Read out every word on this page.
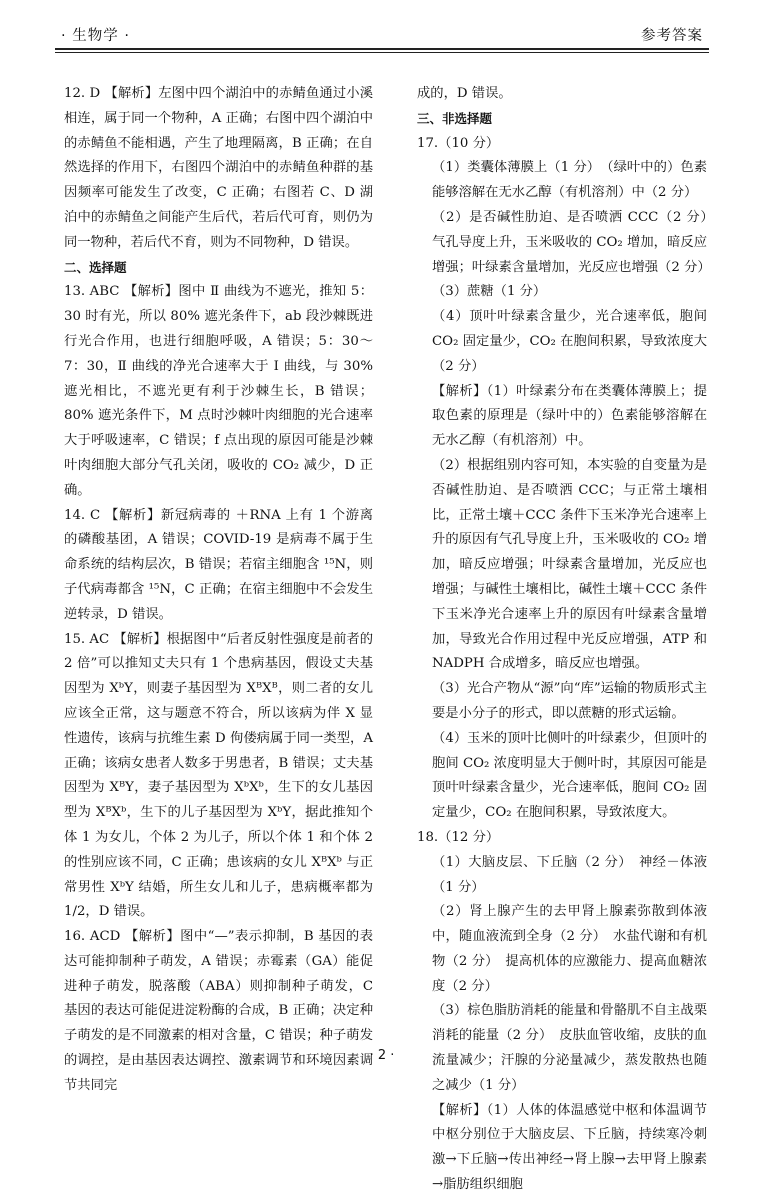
· 生物学 ·	参考答案

12. D 【解析】左图中四个湖泊中的赤鲭鱼通过小溪相连，属于同一个物种，A 正确；右图中四个湖泊中的赤鲭鱼不能相遇，产生了地理隔离，B 正确；在自然选择的作用下，右图四个湖泊中的赤鲭鱼种群的基因频率可能发生了改变，C 正确；右图若 C、D 湖泊中的赤鲭鱼之间能产生后代，若后代可育，则仍为同一物种，若后代不育，则为不同物种，D 错误。

二、选择题

13. ABC 【解析】图中 Ⅱ 曲线为不遮光，推知 5：30 时有光，所以 80% 遮光条件下，ab 段沙棘既进行光合作用，也进行细胞呼吸，A 错误；5：30～7：30，Ⅱ 曲线的净光合速率大于 Ⅰ 曲线，与 30% 遮光相比，不遮光更有利于沙棘生长，B 错误；80% 遮光条件下，M 点时沙棘叶肉细胞的光合速率大于呼吸速率，C 错误；f 点出现的原因可能是沙棘叶肉细胞大部分气孔关闭，吸收的 CO₂ 减少，D 正确。

14. C 【解析】新冠病毒的 ＋RNA 上有 1 个游离的磷酸基团，A 错误；COVID-19 是病毒不属于生命系统的结构层次，B 错误；若宿主细胞含 ¹⁵N，则子代病毒都含 ¹⁵N，C 正确；在宿主细胞中不会发生逆转录，D 错误。

15. AC 【解析】根据图中“后者反射性强度是前者的 2 倍”可以推知丈夫只有 1 个患病基因，假设丈夫基因型为 XᵇY，则妻子基因型为 XᴮXᴮ，则二者的女儿应该全正常，这与题意不符合，所以该病为伴 X 显性遗传，该病与抗维生素 D 佝偻病属于同一类型，A 正确；该病女患者人数多于男患者，B 错误；丈夫基因型为 XᴮY，妻子基因型为 XᵇXᵇ，生下的女儿基因型为 XᴮXᵇ，生下的儿子基因型为 XᵇY，据此推知个体 1 为女儿，个体 2 为儿子，所以个体 1 和个体 2 的性别应该不同，C 正确；患该病的女儿 XᴮXᵇ 与正常男性 XᵇY 结婚，所生女儿和儿子，患病概率都为 1/2，D 错误。

16. ACD 【解析】图中“—”表示抑制，B 基因的表达可能抑制种子萌发，A 错误；赤霉素（GA）能促进种子萌发，脱落酸（ABA）则抑制种子萌发，C 基因的表达可能促进淀粉酶的合成，B 正确；决定种子萌发的是不同激素的相对含量，C 错误；种子萌发的调控，是由基因表达调控、激素调节和环境因素调节共同完

成的，D 错误。

三、非选择题

17.（10 分）

（1）类囊体薄膜上（1 分）　（绿叶中的）色素能够溶解在无水乙醇（有机溶剂）中（2 分）

（2）是否碱性肋迫、是否喷洒 CCC（2 分）　气孔导度上升，玉米吸收的 CO₂ 增加，暗反应增强；叶绿素含量增加，光反应也增强（2 分）

（3）蔗糖（1 分）

（4）顶叶叶绿素含量少，光合速率低，胞间 CO₂ 固定量少，CO₂ 在胞间积累，导致浓度大（2 分）

【解析】（1）叶绿素分布在类囊体薄膜上；提取色素的原理是（绿叶中的）色素能够溶解在无水乙醇（有机溶剂）中。

（2）根据组别内容可知，本实验的自变量为是否碱性肋迫、是否喷洒 CCC；与正常土壤相比，正常土壤＋CCC 条件下玉米净光合速率上升的原因有气孔导度上升，玉米吸收的 CO₂ 增加，暗反应增强；叶绿素含量增加，光反应也增强；与碱性土壤相比，碱性土壤＋CCC 条件下玉米净光合速率上升的原因有叶绿素含量增加，导致光合作用过程中光反应增强，ATP 和 NADPH 合成增多，暗反应也增强。

（3）光合产物从“源”向“库”运输的物质形式主要是小分子的形式，即以蔗糖的形式运输。

（4）玉米的顶叶比侧叶的叶绿素少，但顶叶的胞间 CO₂ 浓度明显大于侧叶时，其原因可能是顶叶叶绿素含量少，光合速率低，胞间 CO₂ 固定量少，CO₂ 在胞间积累，导致浓度大。

18.（12 分）

（1）大脑皮层、下丘脑（2 分）　神经－体液（1 分）

（2）肾上腺产生的去甲肾上腺素弥散到体液中，随血液流到全身（2 分）　水盐代谢和有机物（2 分）　提高机体的应激能力、提高血糖浓度（2 分）

（3）棕色脂肪消耗的能量和骨骼肌不自主战栗消耗的能量（2 分）　皮肤血管收缩，皮肤的血流量减少；汗腺的分泌量减少，蒸发散热也随之减少（1 分）

【解析】（1）人体的体温感觉中枢和体温调节中枢分别位于大脑皮层、下丘脑，持续寒冷刺激→下丘脑→传出神经→肾上腺→去甲肾上腺素→脂肪组织细胞

· 2 ·
